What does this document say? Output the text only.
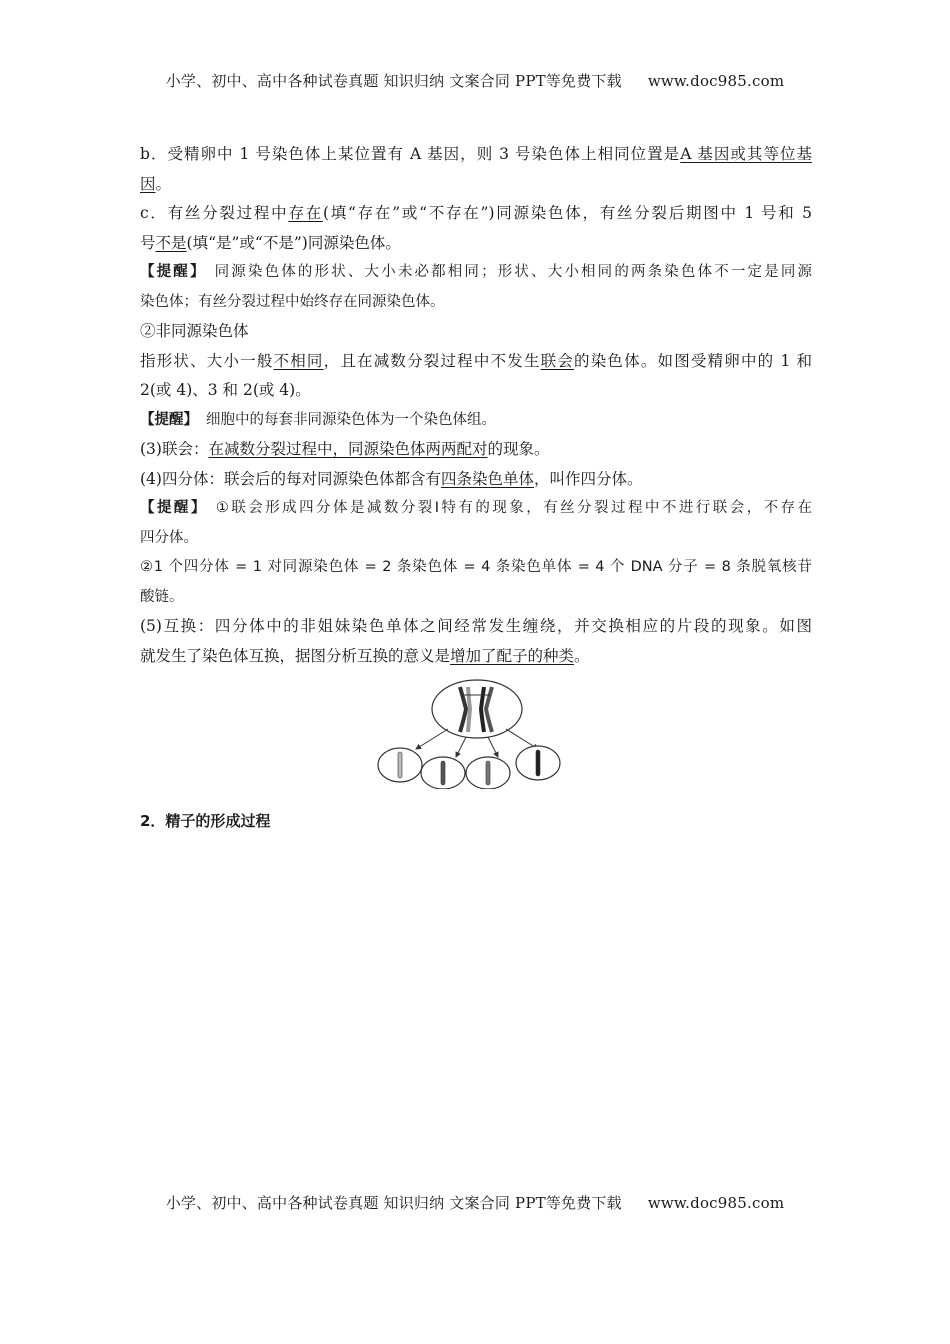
小学、初中、高中各种试卷真题 知识归纳 文案合同 PPT等免费下载 www.doc985.com
b．受精卵中 1 号染色体上某位置有 A 基因，则 3 号染色体上相同位置是A 基因或其等位基
因。
c．有丝分裂过程中存在(填“存在”或“不存在”)同源染色体，有丝分裂后期图中 1 号和 5
号不是(填“是”或“不是”)同源染色体。
【提醒】 同源染色体的形状、大小未必都相同；形状、大小相同的两条染色体不一定是同源
染色体；有丝分裂过程中始终存在同源染色体。
②非同源染色体
指形状、大小一般不相同，且在减数分裂过程中不发生联会的染色体。如图受精卵中的 1 和
2(或 4)、3 和 2(或 4)。
【提醒】 细胞中的每套非同源染色体为一个染色体组。
(3)联会：在减数分裂过程中，同源染色体两两配对的现象。
(4)四分体：联会后的每对同源染色体都含有四条染色单体，叫作四分体。
【提醒】 ①联会形成四分体是减数分裂Ⅰ特有的现象，有丝分裂过程中不进行联会，不存在
四分体。
②1 个四分体 = 1 对同源染色体 = 2 条染色体 = 4 条染色单体 = 4 个 DNA 分子 = 8 条脱氧核苷
酸链。
(5)互换：四分体中的非姐妹染色单体之间经常发生缠绕，并交换相应的片段的现象。如图
就发生了染色体互换，据图分析互换的意义是增加了配子的种类。
2．精子的形成过程
小学、初中、高中各种试卷真题 知识归纳 文案合同 PPT等免费下载 www.doc985.com
